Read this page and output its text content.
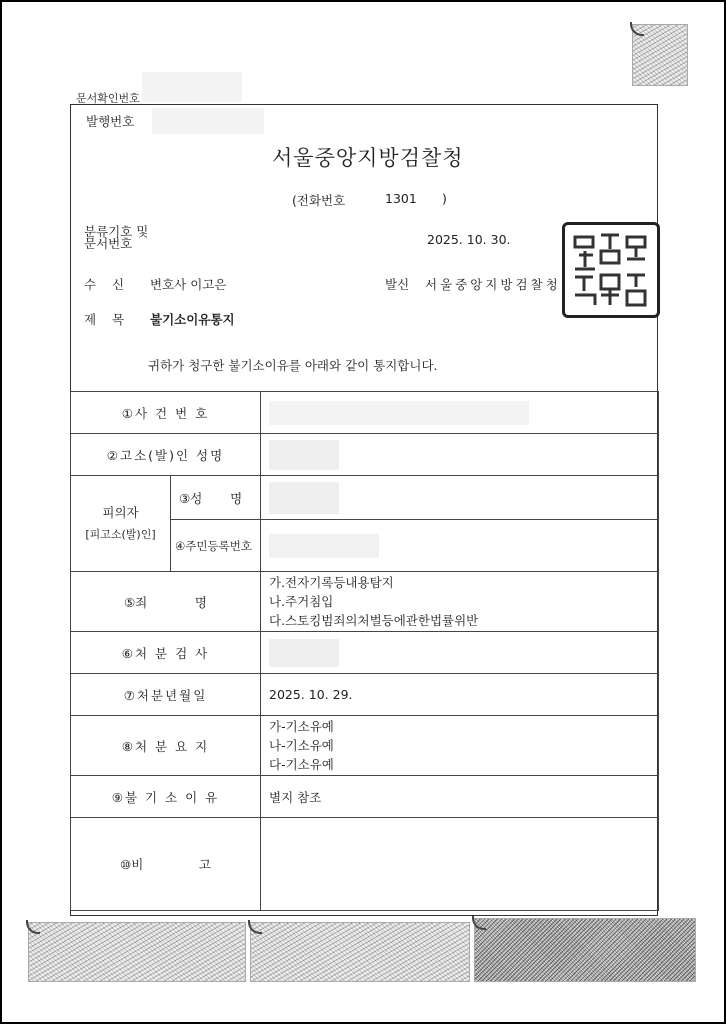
문서확인번호
발행번호
서울중앙지방검찰청
(전화번호	1301 )
분류기호 및
문서번호	2025. 10. 30.
수    신 변호사 이고은	발신 서울중앙지방검찰청
제    목 불기소이유통지
귀하가 청구한 불기소이유를 아래와 같이 통지합니다.
①사 건 번 호		

②고소(발)인 성명		

피의자
[피고소(발)인]	③성       명	

	④주민등록번호	

⑤죄            명		가.전자기록등내용탐지
나.주거침입
다.스토킹범죄의처벌등에관한법률위반

⑥처 분 검 사		

⑦처분년월일		2025. 10. 29.
⑧처 분 요 지		가-기소유예
나-기소유예
다-기소유예

⑨불 기 소 이 유		별지 참조
⑩비              고		
